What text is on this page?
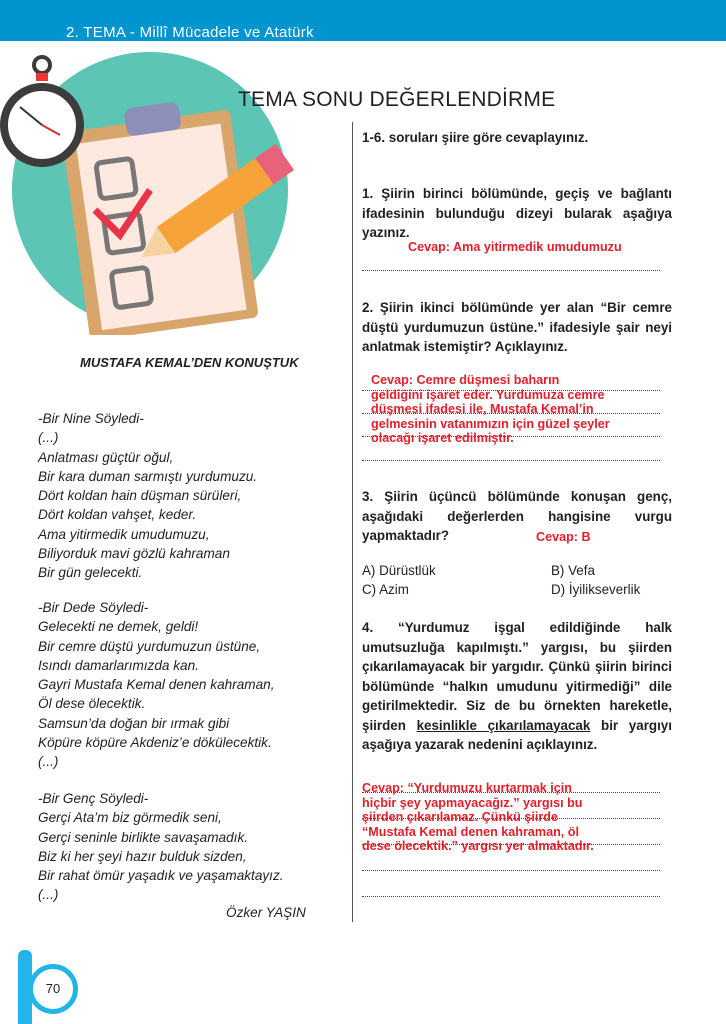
2. TEMA - Millî Mücadele ve Atatürk
TEMA SONU DEĞERLENDİRME
MUSTAFA KEMAL’DEN KONUŞTUK
-Bir Nine Söyledi-
(...)
Anlatması güçtür oğul,
Bir kara duman sarmıştı yurdumuzu.
Dört koldan hain düşman sürüleri,
Dört koldan vahşet, keder.
Ama yitirmedik umudumuzu,
Biliyorduk mavi gözlü kahraman
Bir gün gelecekti.
-Bir Dede Söyledi-
Gelecekti ne demek, geldi!
Bir cemre düştü yurdumuzun üstüne,
Isındı damarlarımızda kan.
Gayri Mustafa Kemal denen kahraman,
Öl dese ölecektik.
Samsun’da doğan bir ırmak gibi
Köpüre köpüre Akdeniz’e dökülecektik.
(...)
-Bir Genç Söyledi-
Gerçi Ata’m biz görmedik seni,
Gerçi seninle birlikte savaşamadık.
Biz ki her şeyi hazır bulduk sizden,
Bir rahat ömür yaşadık ve yaşamaktayız.
(...)
Özker YAŞIN
1-6. soruları şiire göre cevaplayınız.
1. Şiirin birinci bölümünde, geçiş ve bağlantı ifadesinin bulunduğu dizeyi bularak aşağıya yazınız.
Cevap: Ama yitirmedik umudumuzu
2. Şiirin ikinci bölümünde yer alan “Bir cemre düştü yurdumuzun üstüne.” ifadesiyle şair neyi anlatmak istemiştir? Açıklayınız.
Cevap: Cemre düşmesi baharın geldiğini işaret eder. Yurdumuza cemre düşmesi ifadesi ile, Mustafa Kemal’in gelmesinin vatanımızın için güzel şeyler olacağı işaret edilmiştir.
3. Şiirin üçüncü bölümünde konuşan genç, aşağıdaki değerlerden hangisine vurgu yapmaktadır?	Cevap: B
A) Dürüstlük	B) Vefa
C) Azim	D) İyilikseverlik
4. “Yurdumuz işgal edildiğinde halk umutsuzluğa kapılmıştı.” yargısı, bu şiirden çıkarılamayacak bir yargıdır. Çünkü şiirin birinci bölümünde “halkın umudunu yitirmediği” dile getirilmektedir. Siz de bu örnekten hareketle, şiirden kesinlikle çıkarılamayacak bir yargıyı aşağıya yazarak nedenini açıklayınız.
Cevap: “Yurdumuzu kurtarmak için hiçbir şey yapmayacağız.” yargısı bu şiirden çıkarılamaz. Çünkü şiirde “Mustafa Kemal denen kahraman, öl dese ölecektik.” yargısı yer almaktadır.
70
